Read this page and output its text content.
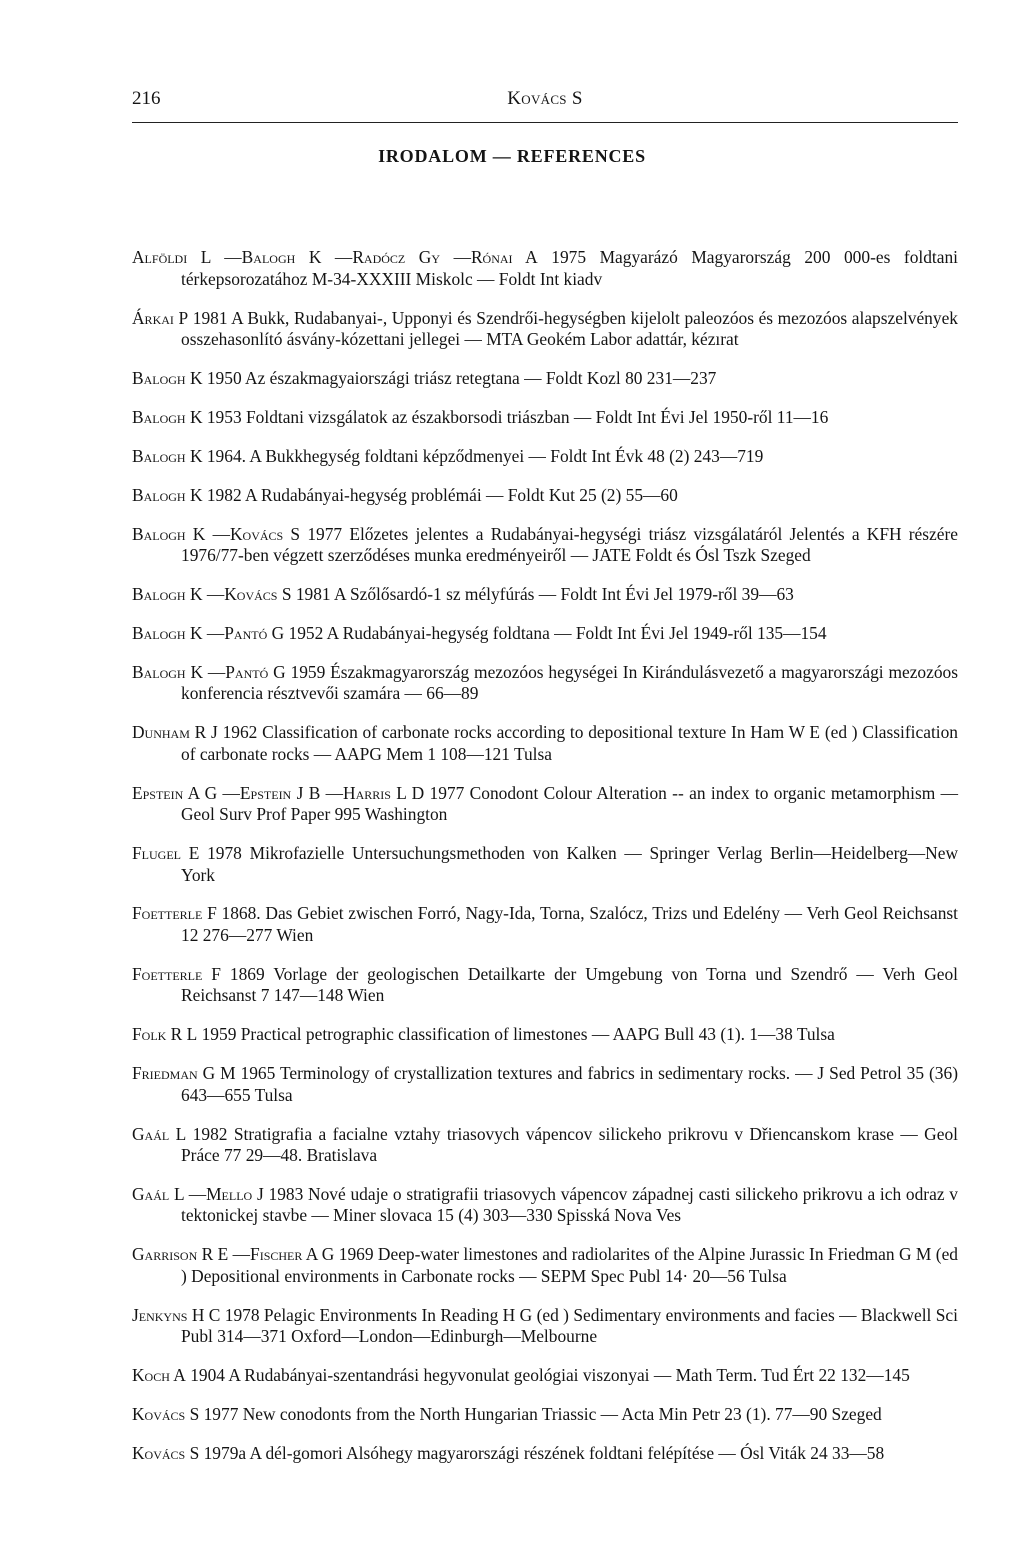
216	Kovács S
IRODALOM — REFERENCES

Alföldi L —Balogh K —Radócz Gy —Rónai A 1975 Magyarázó Magyarország 200 000-es foldtani térkepsorozatához M-34-XXXIII Miskolc — Foldt Int kiadv

Árkai P 1981 A Bukk, Rudabanyai-, Upponyi és Szendrői-hegységben kijelolt paleozóos és mezozóos alapszelvények osszehasonlító ásvány-kózettani jellegei — MTA Geokém Labor adattár, kézırat

Balogh K 1950 Az északmagyaiországi triász retegtana — Foldt Kozl 80 231—237

Balogh K 1953 Foldtani vizsgálatok az északborsodi triászban — Foldt Int Évi Jel 1950-ről 11—16

Balogh K 1964. A Bukkhegység foldtani képződmenyei — Foldt Int Évk 48 (2) 243—719

Balogh K 1982 A Rudabányai-hegység problémái — Foldt Kut 25 (2) 55—60

Balogh K —Kovács S 1977 Előzetes jelentes a Rudabányai-hegységi triász vizsgálatáról Jelentés a KFH részére 1976/77-ben végzett szerződéses munka eredményeiről — JATE Foldt és Ósl Tszk Szeged

Balogh K —Kovács S 1981 A Szőlősardó-1 sz mélyfúrás — Foldt Int Évi Jel 1979-ről 39—63

Balogh K —Pantó G 1952 A Rudabányai-hegység foldtana — Foldt Int Évi Jel 1949-ről 135—154

Balogh K —Pantó G 1959 Északmagyarország mezozóos hegységei In Kirándulásvezető a magyarországi mezozóos konferencia résztvevői szamára — 66—89

Dunham R J 1962 Classification of carbonate rocks according to depositional texture In Ham W E (ed ) Classification of carbonate rocks — AAPG Mem 1 108—121 Tulsa

Epstein A G —Epstein J B —Harris L D 1977 Conodont Colour Alteration -- an index to organic metamorphism — Geol Surv Prof Paper 995 Washington

Flugel E 1978 Mikrofazielle Untersuchungsmethoden von Kalken — Springer Verlag Berlin—Heidelberg—New York

Foetterle F 1868. Das Gebiet zwischen Forró, Nagy-Ida, Torna, Szalócz, Trizs und Edelény — Verh Geol Reichsanst 12 276—277 Wien

Foetterle F 1869 Vorlage der geologischen Detailkarte der Umgebung von Torna und Szendrő — Verh Geol Reichsanst 7 147—148 Wien

Folk R L 1959 Practical petrographic classification of limestones — AAPG Bull 43 (1). 1—38 Tulsa

Friedman G M 1965 Terminology of crystallization textures and fabrics in sedimentary rocks. — J Sed Petrol 35 (36) 643—655 Tulsa

Gaál L 1982 Stratigrafia a facialne vztahy triasovych vápencov silickeho prikrovu v Dřiencanskom krase — Geol Práce 77 29—48. Bratislava

Gaál L —Mello J 1983 Nové udaje o stratigrafii triasovych vápencov západnej casti silickeho prikrovu a ich odraz v tektonickej stavbe — Miner slovaca 15 (4) 303—330 Spisská Nova Ves

Garrison R E —Fischer A G 1969 Deep-water limestones and radiolarites of the Alpine Jurassic In Friedman G M (ed ) Depositional environments in Carbonate rocks — SEPM Spec Publ 14· 20—56 Tulsa

Jenkyns H C 1978 Pelagic Environments In Reading H G (ed ) Sedimentary environments and facies — Blackwell Sci Publ 314—371 Oxford—London—Edinburgh—Melbourne

Koch A 1904 A Rudabányai-szentandrási hegyvonulat geológiai viszonyai — Math Term. Tud Ért 22 132—145

Kovács S 1977 New conodonts from the North Hungarian Triassic — Acta Min Petr 23 (1). 77—90 Szeged

Kovács S 1979a A dél-gomori Alsóhegy magyarországi részének foldtani felépítése — Ósl Viták 24 33—58
